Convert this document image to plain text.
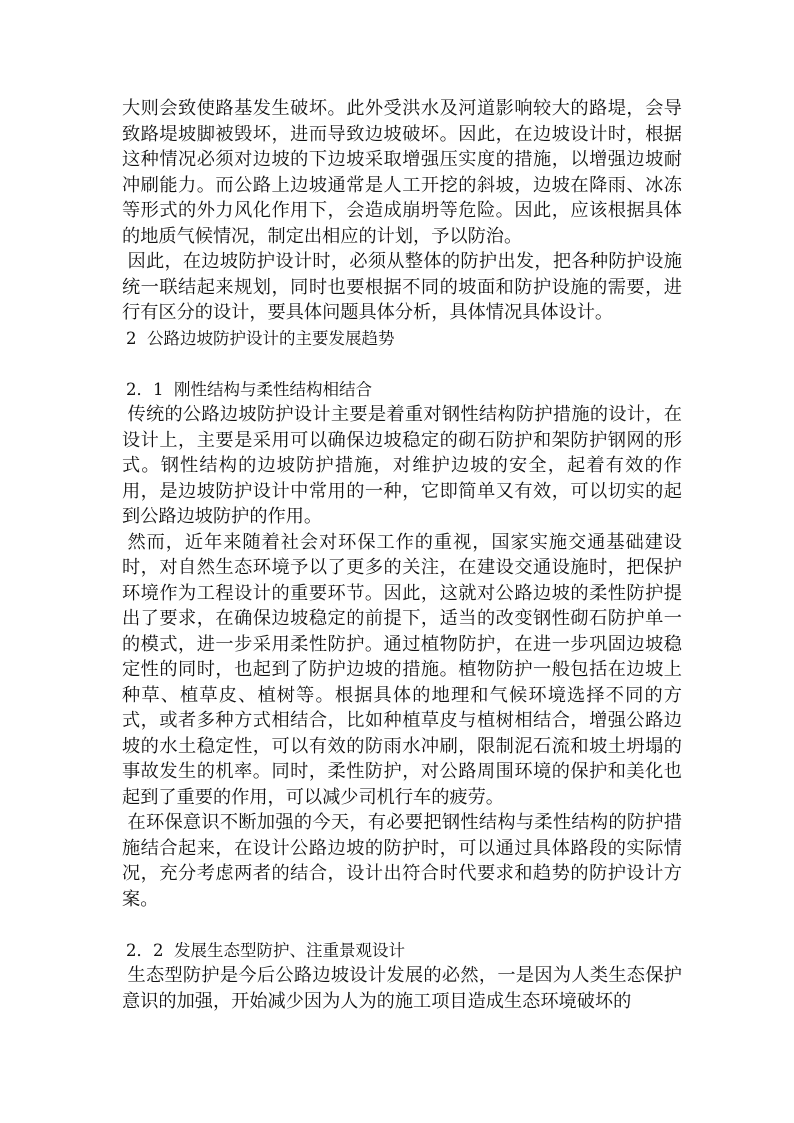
大则会致使路基发生破坏。此外受洪水及河道影响较大的路堤，会导致路堤坡脚被毁坏，进而导致边坡破坏。因此，在边坡设计时，根据这种情况必须对边坡的下边坡采取增强压实度的措施，以增强边坡耐冲刷能力。而公路上边坡通常是人工开挖的斜坡，边坡在降雨、冰冻等形式的外力风化作用下，会造成崩坍等危险。因此，应该根据具体的地质气候情况，制定出相应的计划，予以防治。

因此，在边坡防护设计时，必须从整体的防护出发，把各种防护设施统一联结起来规划，同时也要根据不同的坡面和防护设施的需要，进行有区分的设计，要具体问题具体分析，具体情况具体设计。

2  公路边坡防护设计的主要发展趋势

2．1  刚性结构与柔性结构相结合

传统的公路边坡防护设计主要是着重对钢性结构防护措施的设计，在设计上，主要是采用可以确保边坡稳定的砌石防护和架防护钢网的形式。钢性结构的边坡防护措施，对维护边坡的安全，起着有效的作用，是边坡防护设计中常用的一种，它即简单又有效，可以切实的起到公路边坡防护的作用。

然而，近年来随着社会对环保工作的重视，国家实施交通基础建设时，对自然生态环境予以了更多的关注，在建设交通设施时，把保护环境作为工程设计的重要环节。因此，这就对公路边坡的柔性防护提出了要求，在确保边坡稳定的前提下，适当的改变钢性砌石防护单一的模式，进一步采用柔性防护。通过植物防护，在进一步巩固边坡稳定性的同时，也起到了防护边坡的措施。植物防护一般包括在边坡上种草、植草皮、植树等。根据具体的地理和气候环境选择不同的方式，或者多种方式相结合，比如种植草皮与植树相结合，增强公路边坡的水土稳定性，可以有效的防雨水冲刷，限制泥石流和坡土坍塌的事故发生的机率。同时，柔性防护，对公路周围环境的保护和美化也起到了重要的作用，可以减少司机行车的疲劳。

在环保意识不断加强的今天，有必要把钢性结构与柔性结构的防护措施结合起来，在设计公路边坡的防护时，可以通过具体路段的实际情况，充分考虑两者的结合，设计出符合时代要求和趋势的防护设计方案。

2．2  发展生态型防护、注重景观设计

生态型防护是今后公路边坡设计发展的必然，一是因为人类生态保护意识的加强，开始减少因为人为的施工项目造成生态环境破坏的
